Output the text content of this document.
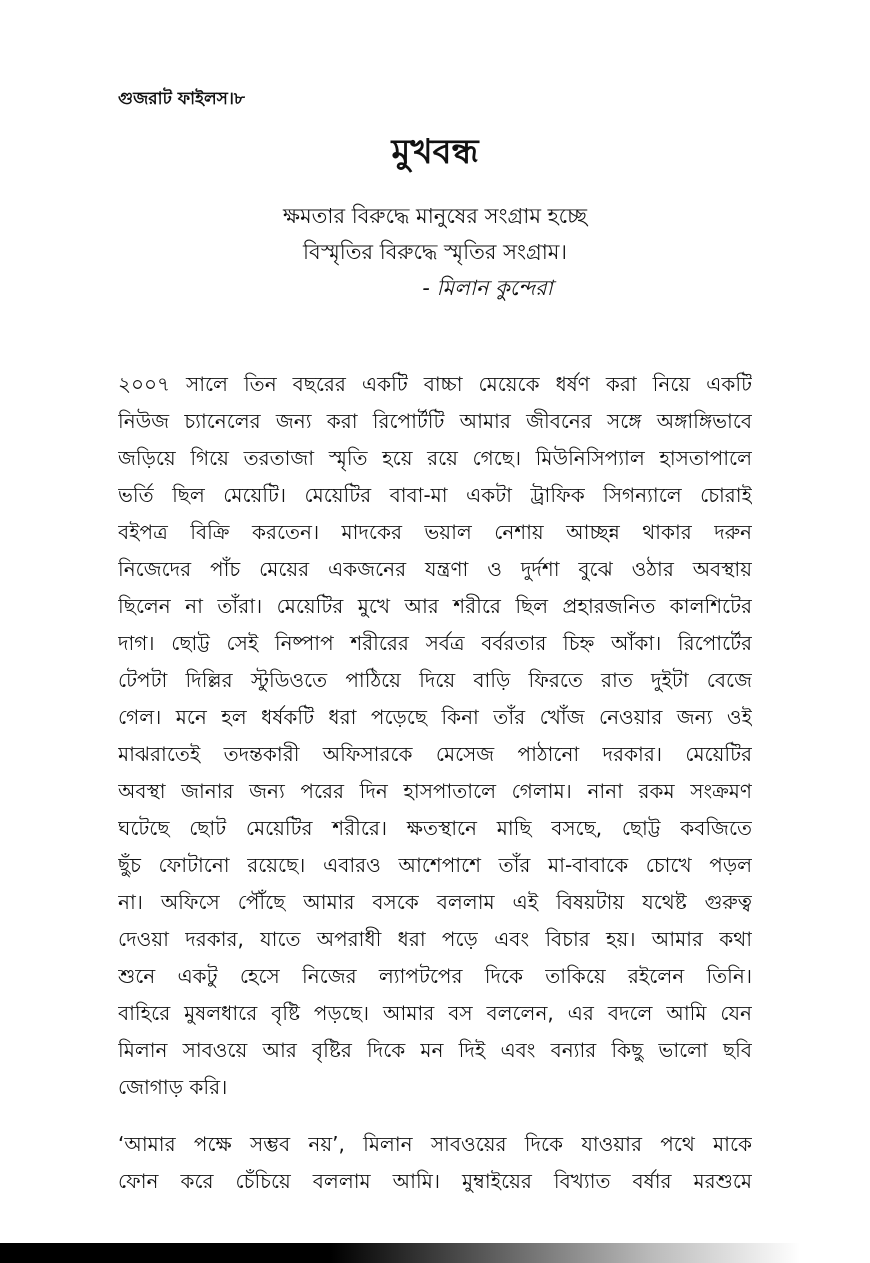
গুজরাট ফাইলস।৮
মুখবন্ধ
ক্ষমতার বিরুদ্ধে মানুষের সংগ্রাম হচ্ছে
বিস্মৃতির বিরুদ্ধে স্মৃতির সংগ্রাম।
- মিলান কুন্দেরা
২০০৭ সালে তিন বছরের একটি বাচ্চা মেয়েকে ধর্ষণ করা নিয়ে একটি
নিউজ চ্যানেলের জন্য করা রিপোর্টটি আমার জীবনের সঙ্গে অঙ্গাঙ্গিভাবে
জড়িয়ে গিয়ে তরতাজা স্মৃতি হয়ে রয়ে গেছে। মিউনিসিপ্যাল হাসতাপালে
ভর্তি ছিল মেয়েটি। মেয়েটির বাবা-মা একটা ট্রাফিক সিগন্যালে চোরাই
বইপত্র বিক্রি করতেন। মাদকের ভয়াল নেশায় আচ্ছন্ন থাকার দরুন
নিজেদের পাঁচ মেয়ের একজনের যন্ত্রণা ও দুর্দশা বুঝে ওঠার অবস্থায়
ছিলেন না তাঁরা। মেয়েটির মুখে আর শরীরে ছিল প্রহারজনিত কালশিটের
দাগ। ছোট্ট সেই নিষ্পাপ শরীরের সর্বত্র বর্বরতার চিহ্ন আঁকা। রিপোর্টের
টেপটা দিল্লির স্টুডিওতে পাঠিয়ে দিয়ে বাড়ি ফিরতে রাত দুইটা বেজে
গেল। মনে হল ধর্ষকটি ধরা পড়েছে কিনা তাঁর খোঁজ নেওয়ার জন্য ওই
মাঝরাতেই তদন্তকারী অফিসারকে মেসেজ পাঠানো দরকার। মেয়েটির
অবস্থা জানার জন্য পরের দিন হাসপাতালে গেলাম। নানা রকম সংক্রমণ
ঘটেছে ছোট মেয়েটির শরীরে। ক্ষতস্থানে মাছি বসছে, ছোট্ট কবজিতে
ছুঁচ ফোটানো রয়েছে। এবারও আশেপাশে তাঁর মা-বাবাকে চোখে পড়ল
না। অফিসে পৌঁছে আমার বসকে বললাম এই বিষয়টায় যথেষ্ট গুরুত্ব
দেওয়া দরকার, যাতে অপরাধী ধরা পড়ে এবং বিচার হয়। আমার কথা
শুনে একটু হেসে নিজের ল্যাপটপের দিকে তাকিয়ে রইলেন তিনি।
বাহিরে মুষলধারে বৃষ্টি পড়ছে। আমার বস বললেন, এর বদলে আমি যেন
মিলান সাবওয়ে আর বৃষ্টির দিকে মন দিই এবং বন্যার কিছু ভালো ছবি
জোগাড় করি।
‘আমার পক্ষে সম্ভব নয়’, মিলান সাবওয়ের দিকে যাওয়ার পথে মাকে
ফোন করে চেঁচিয়ে বললাম আমি। মুম্বাইয়ের বিখ্যাত বর্ষার মরশুমে
